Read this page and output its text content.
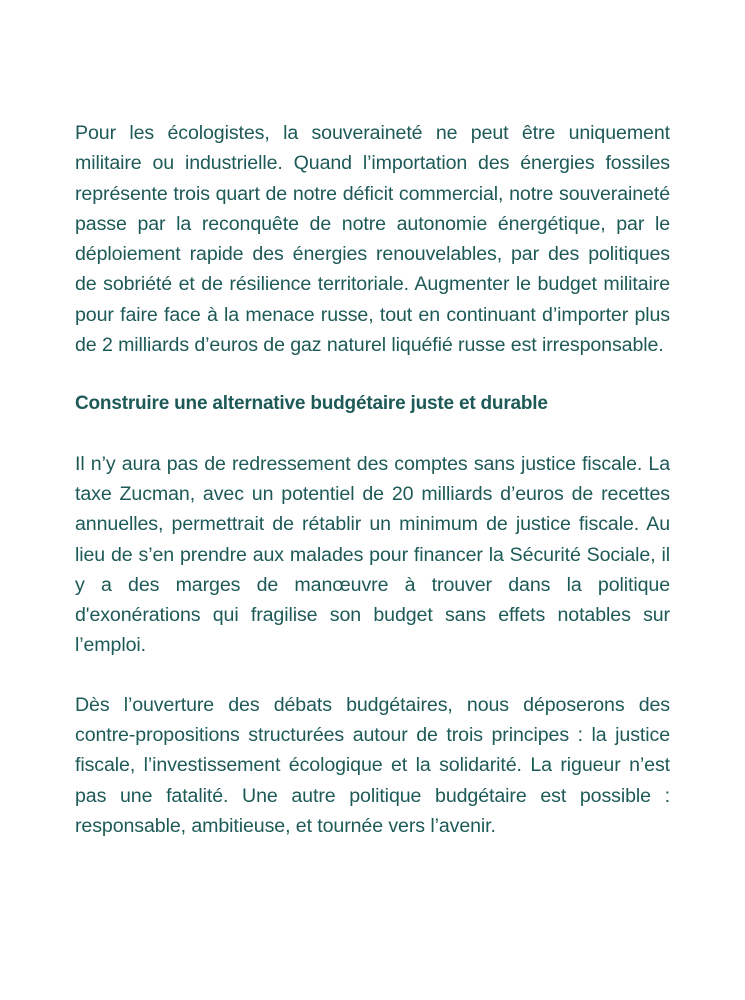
Pour les écologistes, la souveraineté ne peut être uniquement militaire ou industrielle. Quand l’importation des énergies fossiles représente trois quart de notre déficit commercial, notre souveraineté passe par la reconquête de notre autonomie énergétique, par le déploiement rapide des énergies renouvelables, par des politiques de sobriété et de résilience territoriale. Augmenter le budget militaire pour faire face à la menace russe, tout en continuant d’importer plus de 2 milliards d’euros de gaz naturel liquéfié russe est irresponsable.

Construire une alternative budgétaire juste et durable

Il n’y aura pas de redressement des comptes sans justice fiscale. La taxe Zucman, avec un potentiel de 20 milliards d’euros de recettes annuelles, permettrait de rétablir un minimum de justice fiscale. Au lieu de s’en prendre aux malades pour financer la Sécurité Sociale, il y a des marges de manœuvre à trouver dans la politique d'exonérations qui fragilise son budget sans effets notables sur l’emploi.

Dès l’ouverture des débats budgétaires, nous déposerons des contre-propositions structurées autour de trois principes : la justice fiscale, l’investissement écologique et la solidarité. La rigueur n’est pas une fatalité. Une autre politique budgétaire est possible : responsable, ambitieuse, et tournée vers l’avenir.
